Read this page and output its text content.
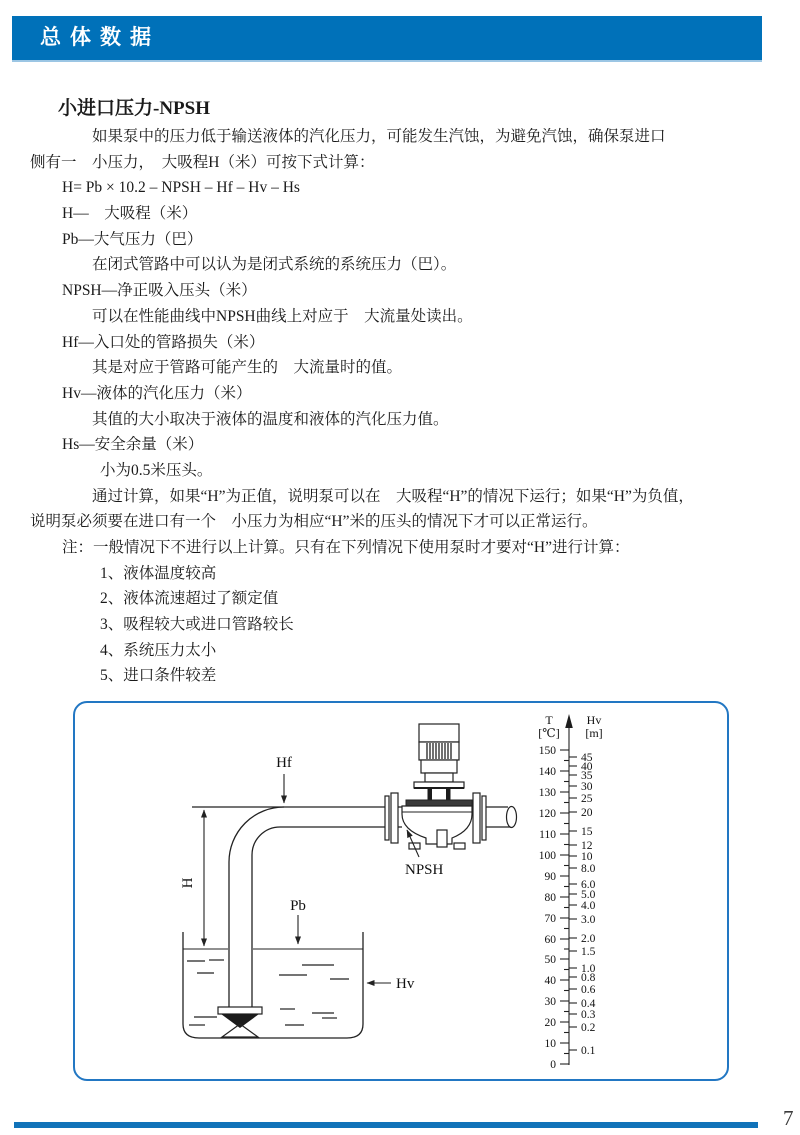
总体数据
小进口压力-NPSH
如果泵中的压力低于输送液体的汽化压力，可能发生汽蚀，为避免汽蚀，确保泵进口
侧有一　小压力，　大吸程H（米）可按下式计算：
H= Pb × 10.2 – NPSH – Hf – Hv – Hs
H—　大吸程（米）
Pb—大气压力（巴）
在闭式管路中可以认为是闭式系统的系统压力（巴）。
NPSH—净正吸入压头（米）
可以在性能曲线中NPSH曲线上对应于　大流量处读出。
Hf—入口处的管路损失（米）
其是对应于管路可能产生的　大流量时的值。
Hv—液体的汽化压力（米）
其值的大小取决于液体的温度和液体的汽化压力值。
Hs—安全余量（米）
小为0.5米压头。
通过计算，如果“H”为正值，说明泵可以在　大吸程“H”的情况下运行；如果“H”为负值，
说明泵必须要在进口有一个　小压力为相应“H”米的压头的情况下才可以正常运行。
注：一般情况下不进行以上计算。只有在下列情况下使用泵时才要对“H”进行计算：
1、液体温度较高
2、液体流速超过了额定值
3、吸程较大或进口管路较长
4、系统压力太小
5、进口条件较差
Hf
H
Pb
Hv
NPSH
T
[℃]
Hv
[m]
150
140
130
120
110
100
90
80
70
60
50
40
30
20
10
0
45
40
35
30
25
20
15
12
10
8.0
6.0
5.0
4.0
3.0
2.0
1.5
1.0
0.8
0.6
0.4
0.3
0.2
0.1
7
